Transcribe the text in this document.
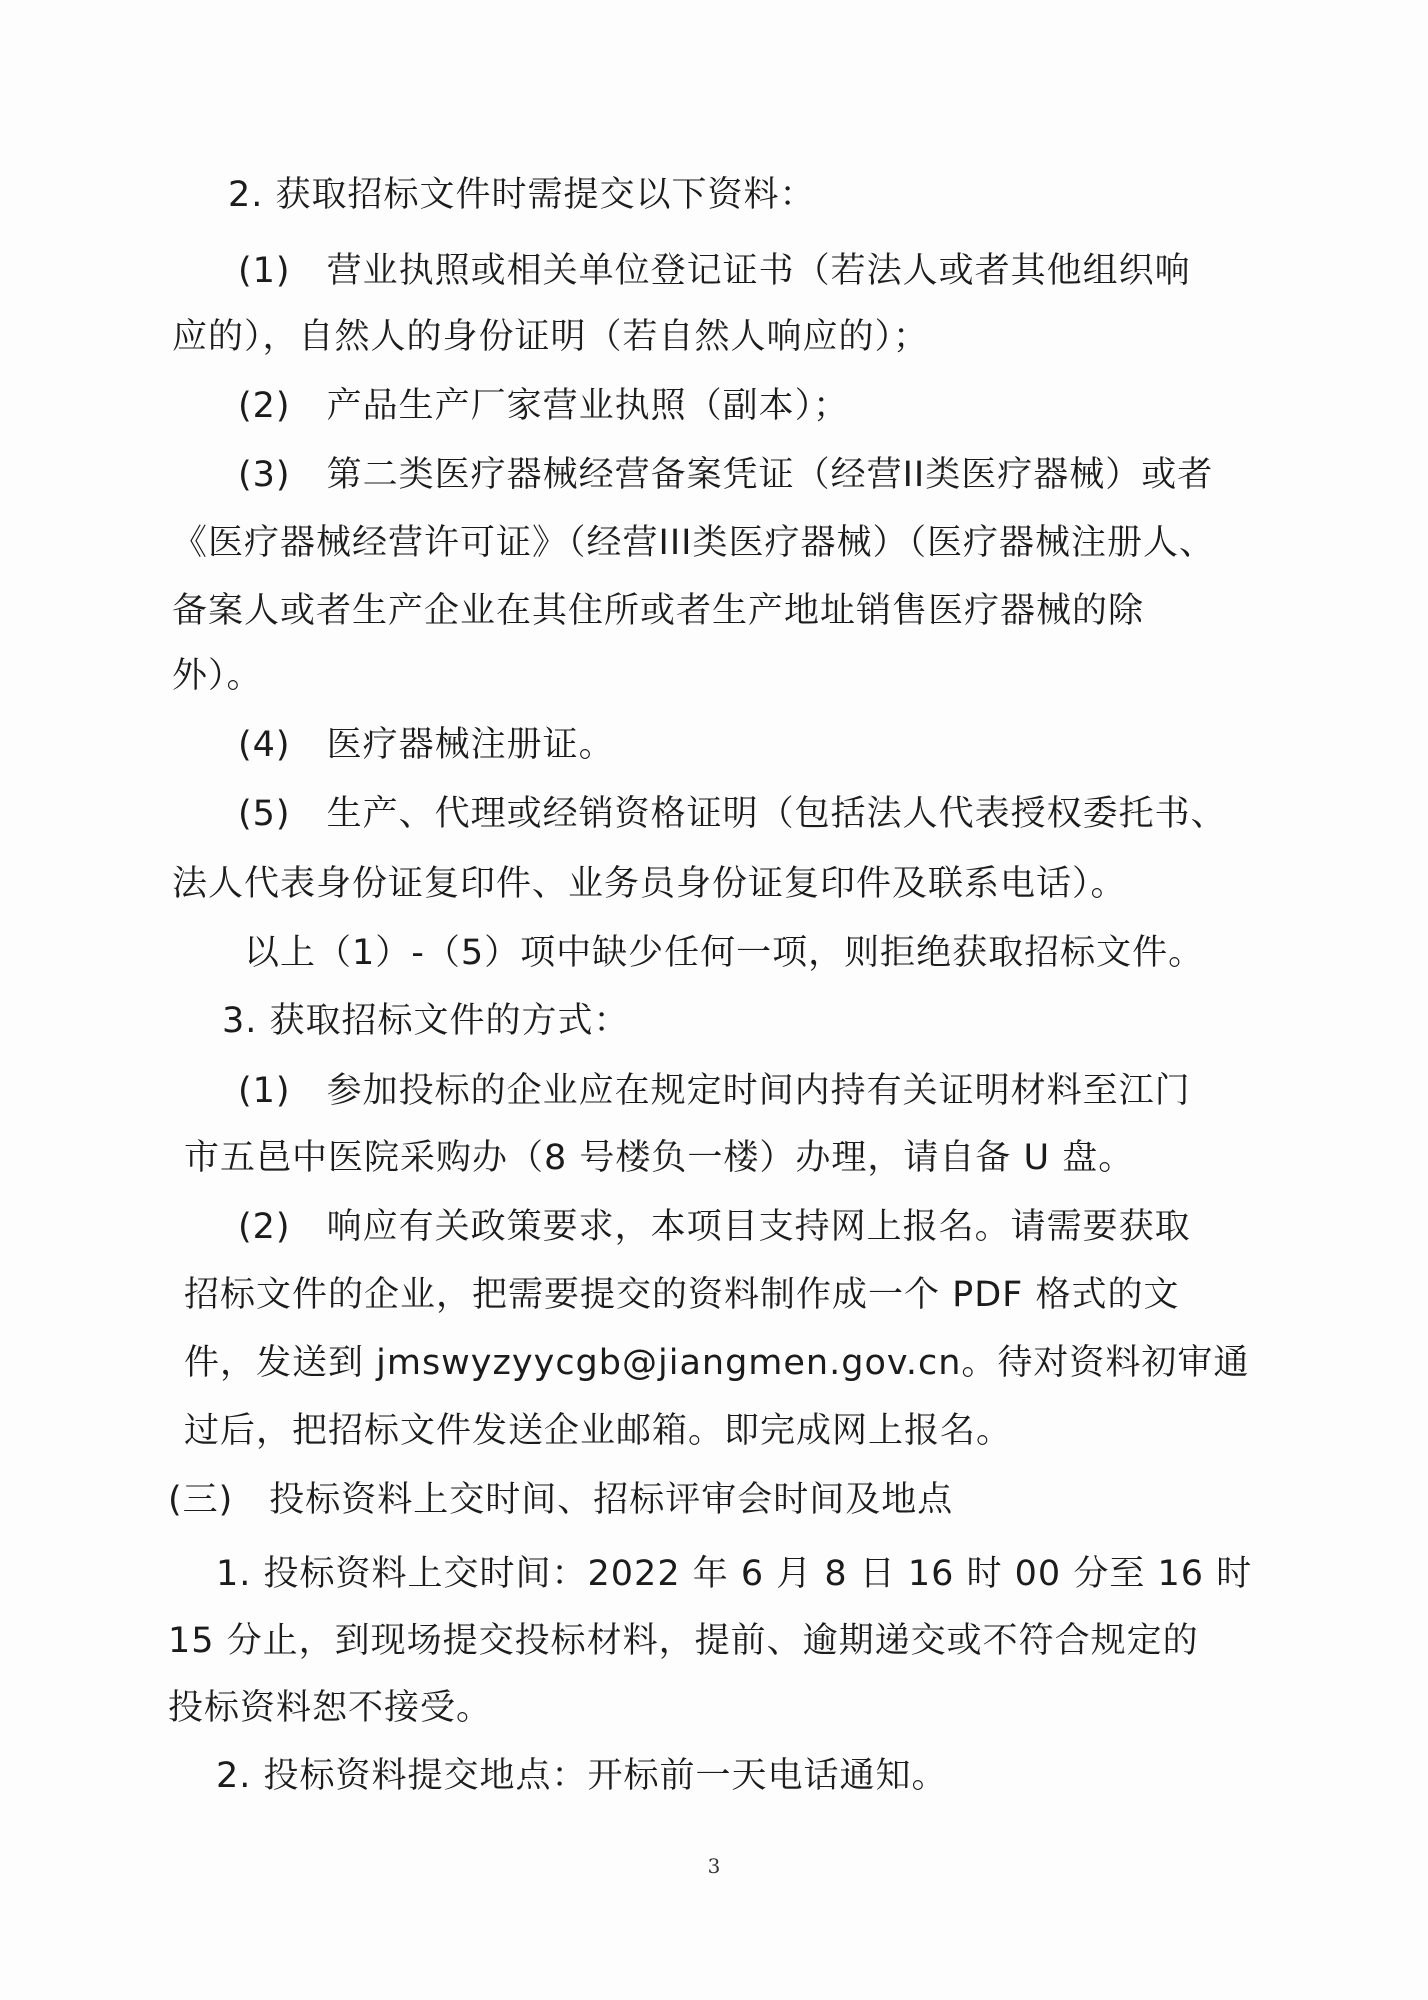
2. 获取招标文件时需提交以下资料：
(1)　营业执照或相关单位登记证书（若法人或者其他组织响
应的），自然人的身份证明（若自然人响应的）；
(2)　产品生产厂家营业执照（副本）；
(3)　第二类医疗器械经营备案凭证（经营II类医疗器械）或者
《医疗器械经营许可证》（经营III类医疗器械）（医疗器械注册人、
备案人或者生产企业在其住所或者生产地址销售医疗器械的除
外）。
(4)　医疗器械注册证。
(5)　生产、代理或经销资格证明（包括法人代表授权委托书、
法人代表身份证复印件、业务员身份证复印件及联系电话）。
以上（1）-（5）项中缺少任何一项，则拒绝获取招标文件。
3. 获取招标文件的方式：
(1)　参加投标的企业应在规定时间内持有关证明材料至江门
市五邑中医院采购办（8 号楼负一楼）办理，请自备 U 盘。
(2)　响应有关政策要求，本项目支持网上报名。请需要获取
招标文件的企业，把需要提交的资料制作成一个 PDF 格式的文
件，发送到 jmswyzyycgb@jiangmen.gov.cn。待对资料初审通
过后，把招标文件发送企业邮箱。即完成网上报名。
(三)　投标资料上交时间、招标评审会时间及地点
1. 投标资料上交时间：2022 年 6 月 8 日 16 时 00 分至 16 时
15 分止，到现场提交投标材料，提前、逾期递交或不符合规定的
投标资料恕不接受。
2. 投标资料提交地点：开标前一天电话通知。
3
